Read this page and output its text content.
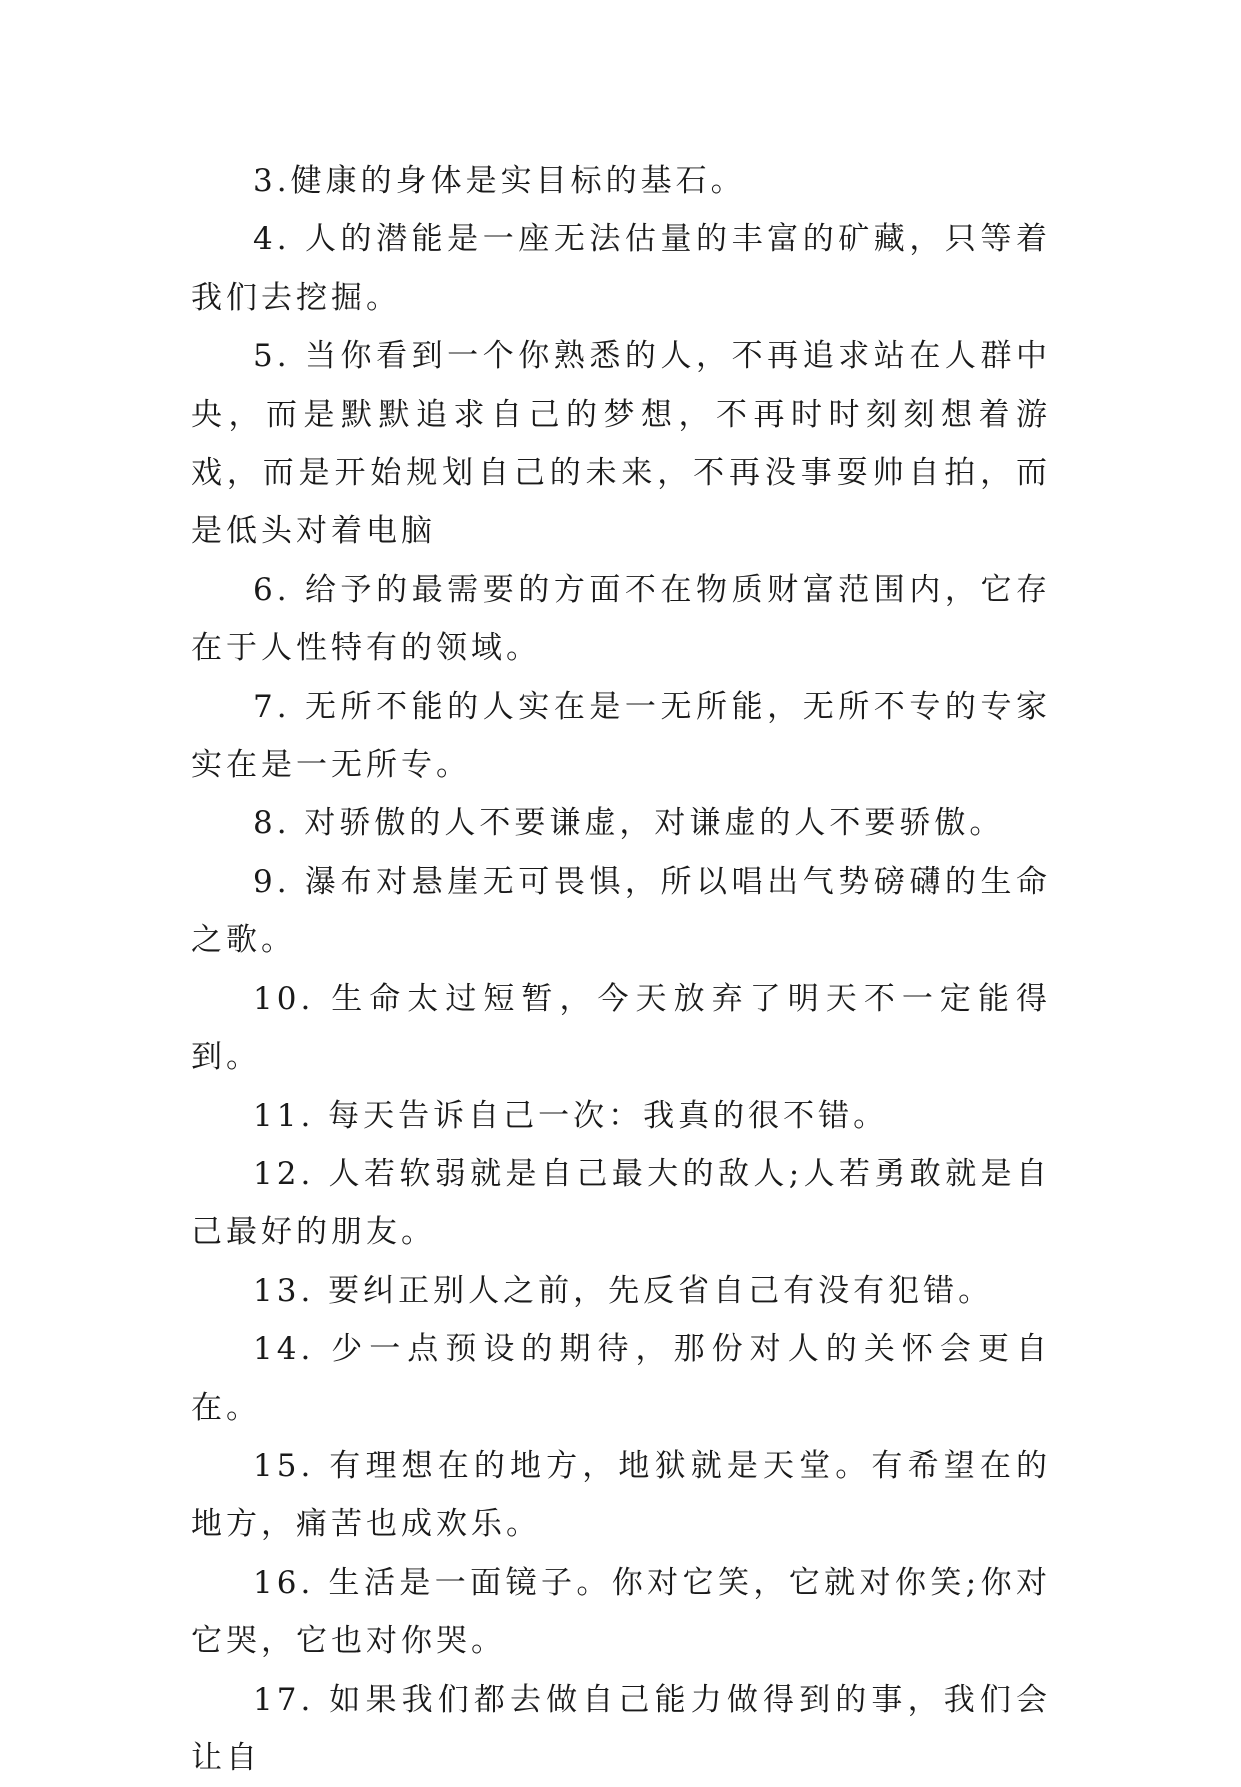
3.健康的身体是实目标的基石。

4. 人的潜能是一座无法估量的丰富的矿藏，只等着我们去挖掘。

5. 当你看到一个你熟悉的人，不再追求站在人群中央，而是默默追求自己的梦想，不再时时刻刻想着游戏，而是开始规划自己的未来，不再没事耍帅自拍，而是低头对着电脑

6. 给予的最需要的方面不在物质财富范围内，它存在于人性特有的领域。

7. 无所不能的人实在是一无所能，无所不专的专家实在是一无所专。

8. 对骄傲的人不要谦虚，对谦虚的人不要骄傲。

9. 瀑布对悬崖无可畏惧，所以唱出气势磅礴的生命之歌。

10. 生命太过短暂，今天放弃了明天不一定能得到。

11. 每天告诉自己一次：我真的很不错。

12. 人若软弱就是自己最大的敌人;人若勇敢就是自己最好的朋友。

13. 要纠正别人之前，先反省自己有没有犯错。

14. 少一点预设的期待，那份对人的关怀会更自在。

15. 有理想在的地方，地狱就是天堂。有希望在的地方，痛苦也成欢乐。

16. 生活是一面镜子。你对它笑，它就对你笑;你对它哭，它也对你哭。

17. 如果我们都去做自己能力做得到的事，我们会让自
